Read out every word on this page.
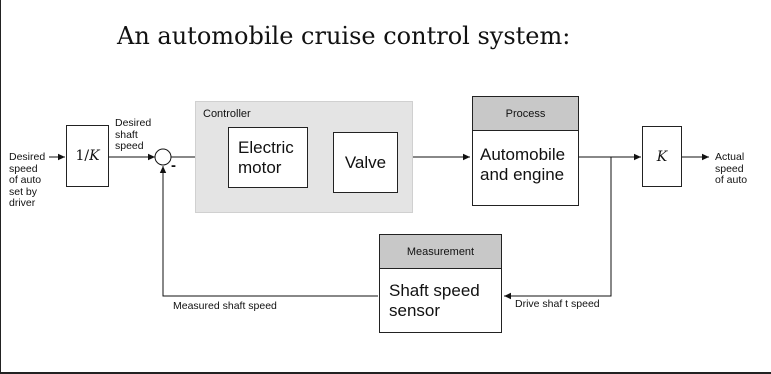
An automobile cruise control system:
Desired
speed
of auto
set by
driver
1/ K
Desired
shaft
speed
-
Controller
Electric
motor	Valve
Process
Automobile
and engine
K	Actual
speed
of auto
Measurement
Shaft speed
sensor
Measured shaft speed	Drive shaf t speed
